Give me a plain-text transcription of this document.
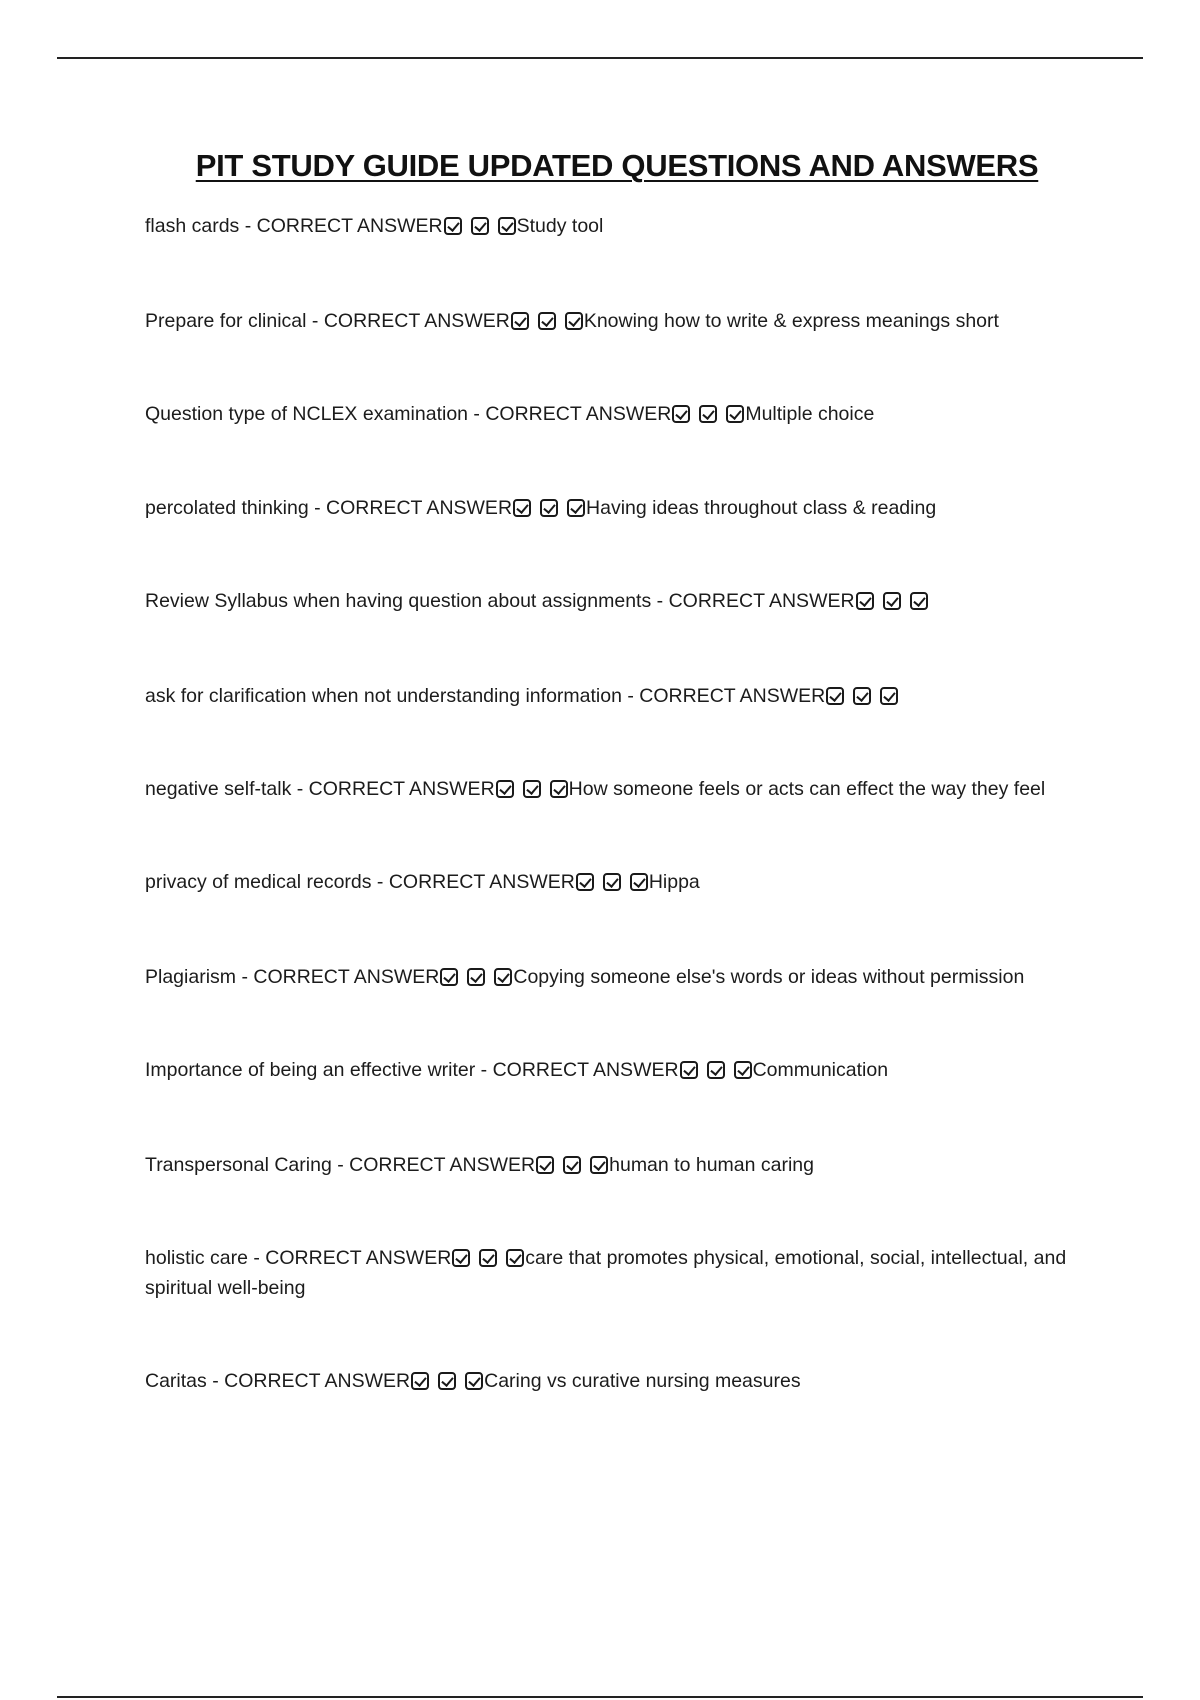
PIT STUDY GUIDE UPDATED QUESTIONS AND ANSWERS
flash cards - CORRECT ANSWER	Study tool
Prepare for clinical - CORRECT ANSWER	Knowing how to write & express meanings short
Question type of NCLEX examination - CORRECT ANSWER	Multiple choice
percolated thinking - CORRECT ANSWER	Having ideas throughout class & reading
Review Syllabus when having question about assignments - CORRECT ANSWER
ask for clarification when not understanding information - CORRECT ANSWER
negative self-talk - CORRECT ANSWER	How someone feels or acts can effect the way they feel
privacy of medical records - CORRECT ANSWER	Hippa
Plagiarism - CORRECT ANSWER	Copying someone else's words or ideas without permission
Importance of being an effective writer - CORRECT ANSWER	Communication
Transpersonal Caring - CORRECT ANSWER	human to human caring
holistic care - CORRECT ANSWER	care that promotes physical, emotional, social, intellectual, and spiritual well-being
Caritas - CORRECT ANSWER	Caring vs curative nursing measures
